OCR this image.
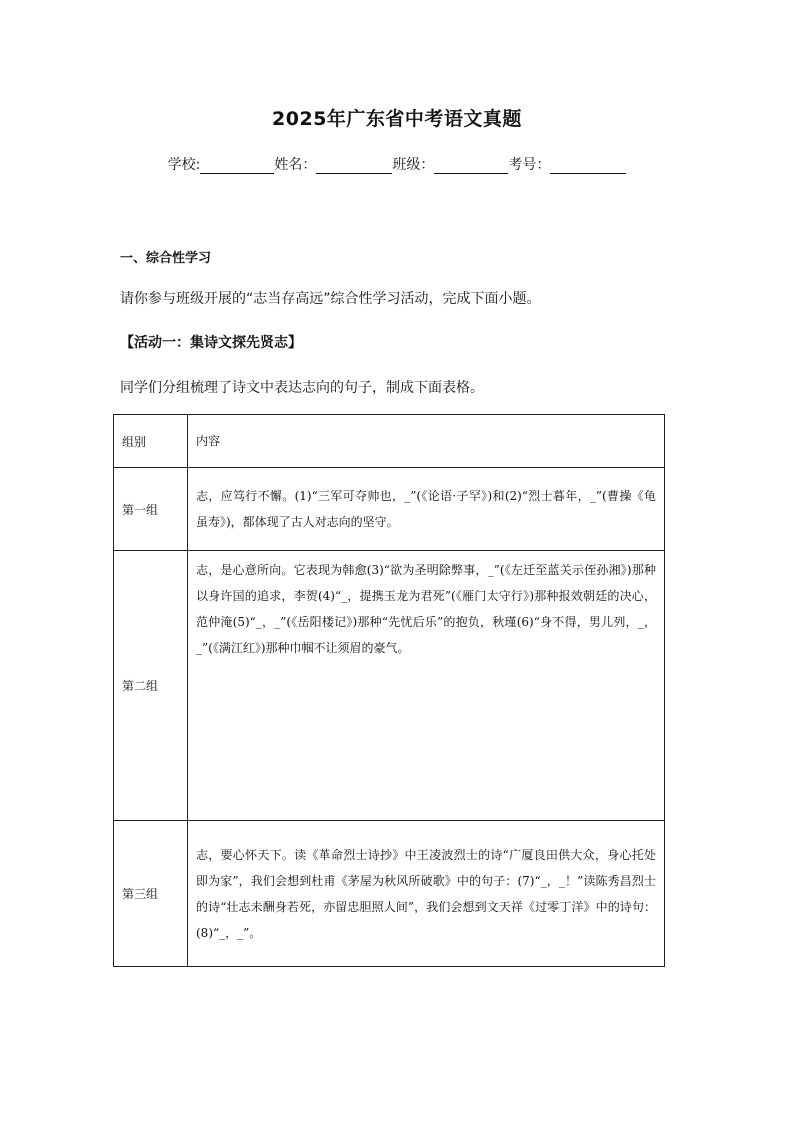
2025年广东省中考语文真题
学校:	姓名：	班级：	考号：
一、综合性学习
请你参与班级开展的“志当存高远”综合性学习活动，完成下面小题。
【活动一：集诗文探先贤志】
同学们分组梳理了诗文中表达志向的句子，制成下面表格。
组别	内容
第一组	志，应笃行不懈。(1)“三军可夺帅也，_”(《论语·子罕》)和(2)“烈士暮年，_”(曹操《龟虽寿》)，都体现了古人对志向的坚守。
第二组	志，是心意所向。它表现为韩愈(3)“欲为圣明除弊事，_”(《左迁至蓝关示侄孙湘》)那种以身许国的追求，李贺(4)“_，提携玉龙为君死”(《雁门太守行》)那种报效朝廷的决心，范仲淹(5)“_，_”(《岳阳楼记》)那种“先忧后乐”的抱负，秋瑾(6)“身不得，男儿列，_，_”(《满江红》)那种巾帼不让须眉的豪气。
第三组	志，要心怀天下。读《革命烈士诗抄》中王凌波烈士的诗“广厦良田供大众，身心托处即为家”，我们会想到杜甫《茅屋为秋风所破歌》中的句子：(7)“_，_！”读陈秀昌烈士的诗“壮志未酬身若死，亦留忠胆照人间”，我们会想到文天祥《过零丁洋》中的诗句：(8)“_，_”。
